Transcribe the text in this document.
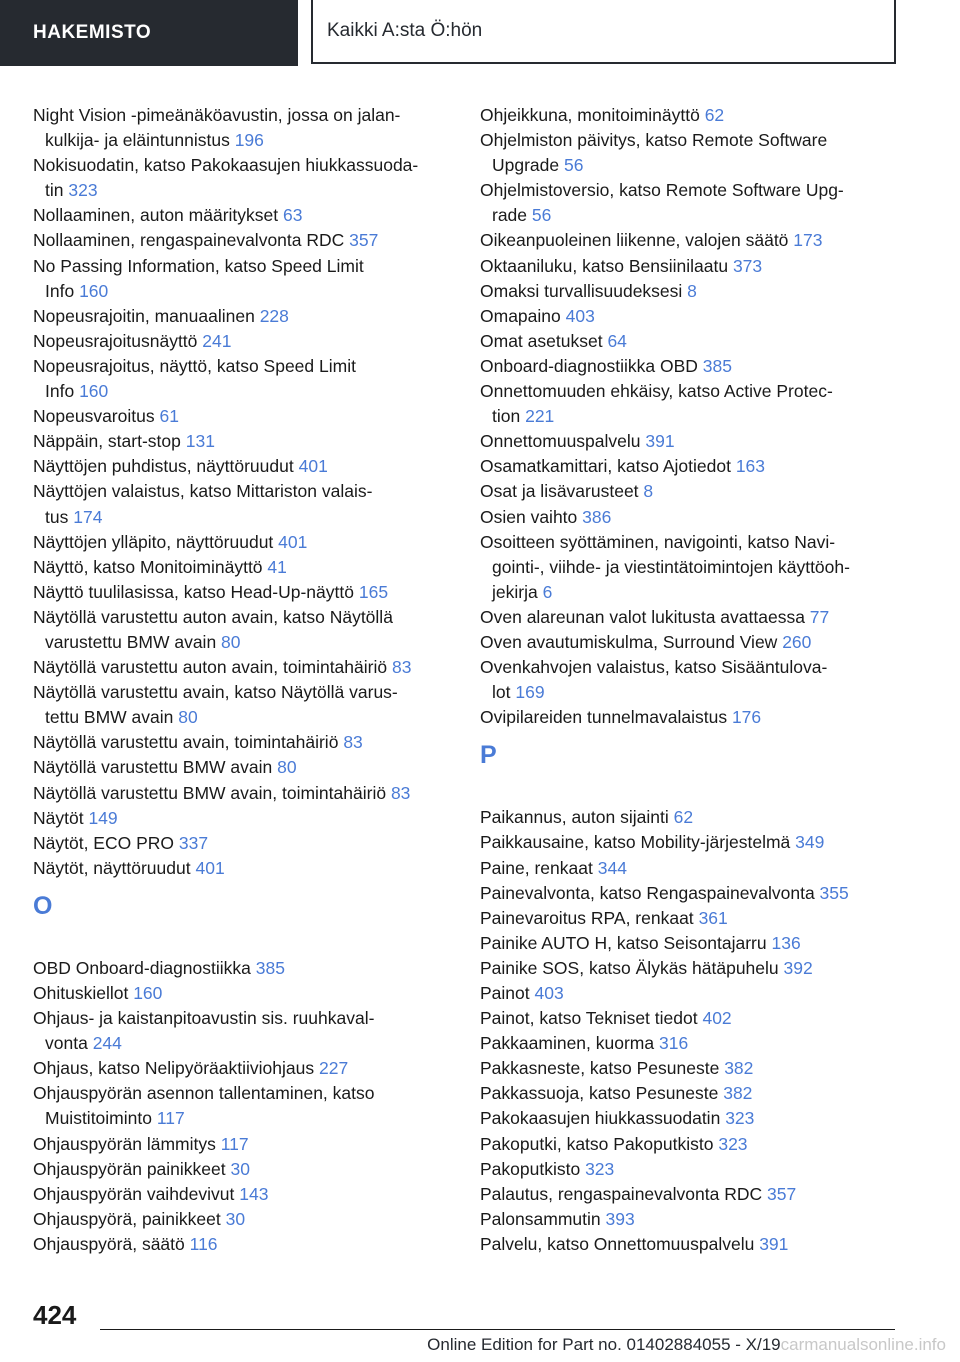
HAKEMISTO	Kaikki A:sta Ö:hön
Night Vision -pimeänäköavustin, jossa on jalan-
kulkija- ja eläintunnistus 196
Nokisuodatin, katso Pakokaasujen hiukkassuoda-
tin 323
Nollaaminen, auton määritykset 63
Nollaaminen, rengaspainevalvonta RDC 357
No Passing Information, katso Speed Limit
Info 160
Nopeusrajoitin, manuaalinen 228
Nopeusrajoitusnäyttö 241
Nopeusrajoitus, näyttö, katso Speed Limit
Info 160
Nopeusvaroitus 61
Näppäin, start-stop 131
Näyttöjen puhdistus, näyttöruudut 401
Näyttöjen valaistus, katso Mittariston valais-
tus 174
Näyttöjen ylläpito, näyttöruudut 401
Näyttö, katso Monitoiminäyttö 41
Näyttö tuulilasissa, katso Head-Up-näyttö 165
Näytöllä varustettu auton avain, katso Näytöllä
varustettu BMW avain 80
Näytöllä varustettu auton avain, toimintahäiriö 83
Näytöllä varustettu avain, katso Näytöllä varus-
tettu BMW avain 80
Näytöllä varustettu avain, toimintahäiriö 83
Näytöllä varustettu BMW avain 80
Näytöllä varustettu BMW avain, toimintahäiriö 83
Näytöt 149
Näytöt, ECO PRO 337
Näytöt, näyttöruudut 401
O
OBD Onboard-diagnostiikka 385
Ohituskiellot 160
Ohjaus- ja kaistanpitoavustin sis. ruuhkaval-
vonta 244
Ohjaus, katso Nelipyöräaktiiviohjaus 227
Ohjauspyörän asennon tallentaminen, katso
Muistitoiminto 117
Ohjauspyörän lämmitys 117
Ohjauspyörän painikkeet 30
Ohjauspyörän vaihdevivut 143
Ohjauspyörä, painikkeet 30
Ohjauspyörä, säätö 116
Ohjeikkuna, monitoiminäyttö 62
Ohjelmiston päivitys, katso Remote Software
Upgrade 56
Ohjelmistoversio, katso Remote Software Upg-
rade 56
Oikeanpuoleinen liikenne, valojen säätö 173
Oktaaniluku, katso Bensiinilaatu 373
Omaksi turvallisuudeksesi 8
Omapaino 403
Omat asetukset 64
Onboard-diagnostiikka OBD 385
Onnettomuuden ehkäisy, katso Active Protec-
tion 221
Onnettomuuspalvelu 391
Osamatkamittari, katso Ajotiedot 163
Osat ja lisävarusteet 8
Osien vaihto 386
Osoitteen syöttäminen, navigointi, katso Navi-
gointi-, viihde- ja viestintätoimintojen käyttöoh-
jekirja 6
Oven alareunan valot lukitusta avattaessa 77
Oven avautumiskulma, Surround View 260
Ovenkahvojen valaistus, katso Sisääntulova-
lot 169
Ovipilareiden tunnelmavalaistus 176
P
Paikannus, auton sijainti 62
Paikkausaine, katso Mobility-järjestelmä 349
Paine, renkaat 344
Painevalvonta, katso Rengaspainevalvonta 355
Painevaroitus RPA, renkaat 361
Painike AUTO H, katso Seisontajarru 136
Painike SOS, katso Älykäs hätäpuhelu 392
Painot 403
Painot, katso Tekniset tiedot 402
Pakkaaminen, kuorma 316
Pakkasneste, katso Pesuneste 382
Pakkassuoja, katso Pesuneste 382
Pakokaasujen hiukkassuodatin 323
Pakoputki, katso Pakoputkisto 323
Pakoputkisto 323
Palautus, rengaspainevalvonta RDC 357
Palonsammutin 393
Palvelu, katso Onnettomuuspalvelu 391
424
Online Edition for Part no. 01402884055 - X/19carmanualsonline.info
